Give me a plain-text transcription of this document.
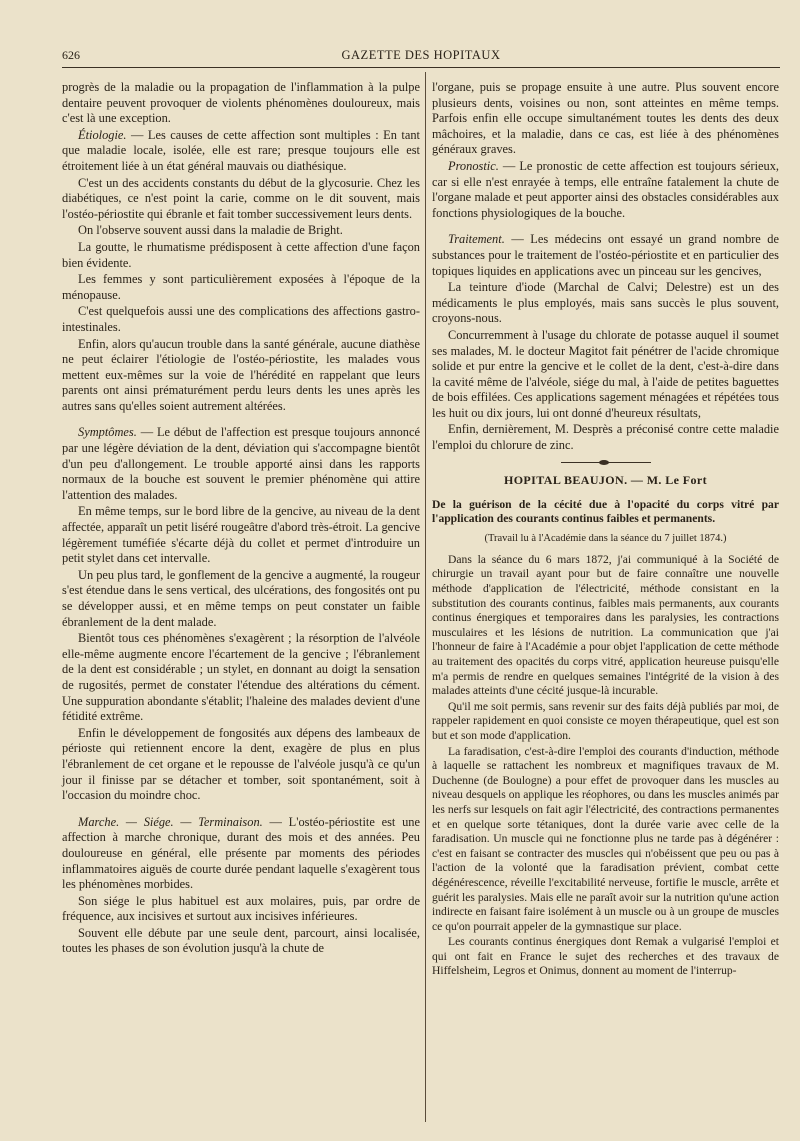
626	GAZETTE DES HOPITAUX

progrès de la maladie ou la propagation de l'inflammation à la pulpe dentaire peuvent provoquer de violents phénomènes douloureux, mais c'est là une exception.

Étiologie. — Les causes de cette affection sont multiples : En tant que maladie locale, isolée, elle est rare; presque toujours elle est étroitement liée à un état général mauvais ou diathésique.

C'est un des accidents constants du début de la glycosurie. Chez les diabétiques, ce n'est point la carie, comme on le dit souvent, mais l'ostéo-périostite qui ébranle et fait tomber successivement leurs dents.

On l'observe souvent aussi dans la maladie de Bright.

La goutte, le rhumatisme prédisposent à cette affection d'une façon bien évidente.

Les femmes y sont particulièrement exposées à l'époque de la ménopause.

C'est quelquefois aussi une des complications des affections gastro-intestinales.

Enfin, alors qu'aucun trouble dans la santé générale, aucune diathèse ne peut éclairer l'étiologie de l'ostéo-périostite, les malades vous mettent eux-mêmes sur la voie de l'hérédité en rappelant que leurs parents ont ainsi prématurément perdu leurs dents les unes après les autres sans qu'elles soient autrement altérées.

Symptômes. — Le début de l'affection est presque toujours annoncé par une légère déviation de la dent, déviation qui s'accompagne bientôt d'un peu d'allongement. Le trouble apporté ainsi dans les rapports normaux de la bouche est souvent le premier phénomène qui attire l'attention des malades.

En même temps, sur le bord libre de la gencive, au niveau de la dent affectée, apparaît un petit liséré rougeâtre d'abord très-étroit. La gencive légèrement tuméfiée s'écarte déjà du collet et permet d'introduire un petit stylet dans cet intervalle.

Un peu plus tard, le gonflement de la gencive a augmenté, la rougeur s'est étendue dans le sens vertical, des ulcérations, des fongosités ont pu se développer aussi, et en même temps on peut constater un faible ébranlement de la dent malade.

Bientôt tous ces phénomènes s'exagèrent ; la résorption de l'alvéole elle-même augmente encore l'écartement de la gencive ; l'ébranlement de la dent est considérable ; un stylet, en donnant au doigt la sensation de rugosités, permet de constater l'étendue des altérations du cément. Une suppuration abondante s'établit; l'haleine des malades devient d'une fétidité extrême.

Enfin le développement de fongosités aux dépens des lambeaux de périoste qui retiennent encore la dent, exagère de plus en plus l'ébranlement de cet organe et le repousse de l'alvéole jusqu'à ce qu'un jour il finisse par se détacher et tomber, soit spontanément, soit à l'occasion du moindre choc.

Marche. — Siége. — Terminaison. — L'ostéo-périostite est une affection à marche chronique, durant des mois et des années. Peu douloureuse en général, elle présente par moments des périodes inflammatoires aiguës de courte durée pendant laquelle s'exagèrent tous les phénomènes morbides.

Son siége le plus habituel est aux molaires, puis, par ordre de fréquence, aux incisives et surtout aux incisives inférieures.

Souvent elle débute par une seule dent, parcourt, ainsi localisée, toutes les phases de son évolution jusqu'à la chute de

l'organe, puis se propage ensuite à une autre. Plus souvent encore plusieurs dents, voisines ou non, sont atteintes en même temps. Parfois enfin elle occupe simultanément toutes les dents des deux mâchoires, et la maladie, dans ce cas, est liée à des phénomènes généraux graves.

Pronostic. — Le pronostic de cette affection est toujours sérieux, car si elle n'est enrayée à temps, elle entraîne fatalement la chute de l'organe malade et peut apporter ainsi des obstacles considérables aux fonctions physiologiques de la bouche.

Traitement. — Les médecins ont essayé un grand nombre de substances pour le traitement de l'ostéo-périostite et en particulier des topiques liquides en applications avec un pinceau sur les gencives,

La teinture d'iode (Marchal de Calvi; Delestre) est un des médicaments le plus employés, mais sans succès le plus souvent, croyons-nous.

Concurremment à l'usage du chlorate de potasse auquel il soumet ses malades, M. le docteur Magitot fait pénétrer de l'acide chromique solide et pur entre la gencive et le collet de la dent, c'est-à-dire dans la cavité même de l'alvéole, siége du mal, à l'aide de petites baguettes de bois effilées. Ces applications sagement ménagées et répétées tous les huit ou dix jours, lui ont donné d'heureux résultats,

Enfin, dernièrement, M. Desprès a préconisé contre cette maladie l'emploi du chlorure de zinc.

HOPITAL BEAUJON. — M. Le Fort

De la guérison de la cécité due à l'opacité du corps vitré par l'application des courants continus faibles et permanents.

(Travail lu à l'Académie dans la séance du 7 juillet 1874.)

Dans la séance du 6 mars 1872, j'ai communiqué à la Société de chirurgie un travail ayant pour but de faire connaître une nouvelle méthode d'application de l'électricité, méthode consistant en la substitution des courants continus, faibles mais permanents, aux courants continus énergiques et temporaires dans les paralysies, les contractions musculaires et les lésions de nutrition. La communication que j'ai l'honneur de faire à l'Académie a pour objet l'application de cette méthode au traitement des opacités du corps vitré, application heureuse puisqu'elle m'a permis de rendre en quelques semaines l'intégrité de la vision à des malades atteints d'une cécité jusque-là incurable.

Qu'il me soit permis, sans revenir sur des faits déjà publiés par moi, de rappeler rapidement en quoi consiste ce moyen thérapeutique, quel est son but et son mode d'application.

La faradisation, c'est-à-dire l'emploi des courants d'induction, méthode à laquelle se rattachent les nombreux et magnifiques travaux de M. Duchenne (de Boulogne) a pour effet de provoquer dans les muscles au niveau desquels on applique les réophores, ou dans les muscles animés par les nerfs sur lesquels on fait agir l'électricité, des contractions permanentes et en quelque sorte tétaniques, dont la durée varie avec celle de la faradisation. Un muscle qui ne fonctionne plus ne tarde pas à dégénérer : c'est en faisant se contracter des muscles qui n'obéissent que peu ou pas à l'action de la volonté que la faradisation prévient, combat cette dégénérescence, réveille l'excitabilité nerveuse, fortifie le muscle, arrête et guérit les paralysies. Mais elle ne paraît avoir sur la nutrition qu'une action indirecte en faisant faire isolément à un muscle ou à un groupe de muscles ce qu'on pourrait appeler de la gymnastique sur place.

Les courants continus énergiques dont Remak a vulgarisé l'emploi et qui ont fait en France le sujet des recherches et des travaux de Hiffelsheim, Legros et Onimus, donnent au moment de l'interrup-
